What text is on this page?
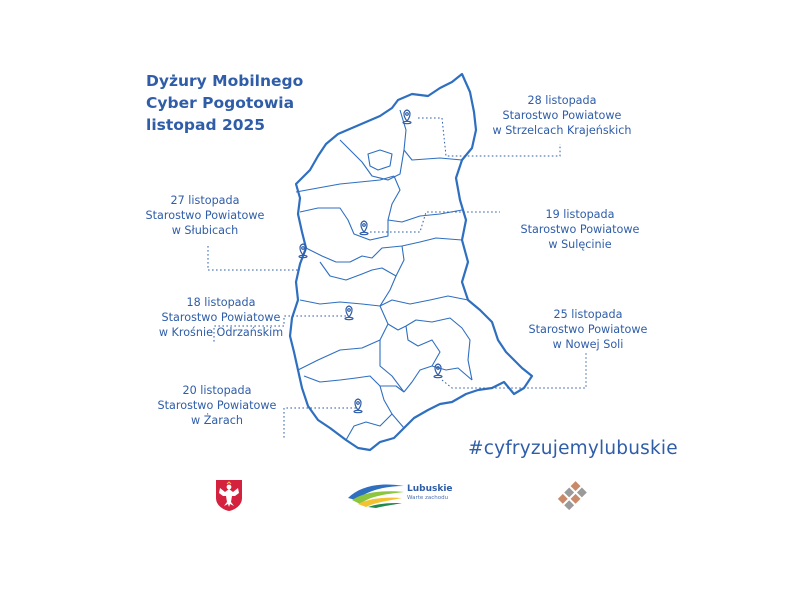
Dyżury Mobilnego
Cyber Pogotowia
listopad 2025
28 listopada
Starostwo Powiatowe
w Strzelcach Krajeńskich
27 listopada
Starostwo Powiatowe
w Słubicach
19 listopada
Starostwo Powiatowe
w Sulęcinie
18 listopada
Starostwo Powiatowe
w Krośnie Odrzańskim
25 listopada
Starostwo Powiatowe
w Nowej Soli
20 listopada
Starostwo Powiatowe
w Żarach
#cyfryzujemylubuskie
Lubuskie
Warte zachodu
